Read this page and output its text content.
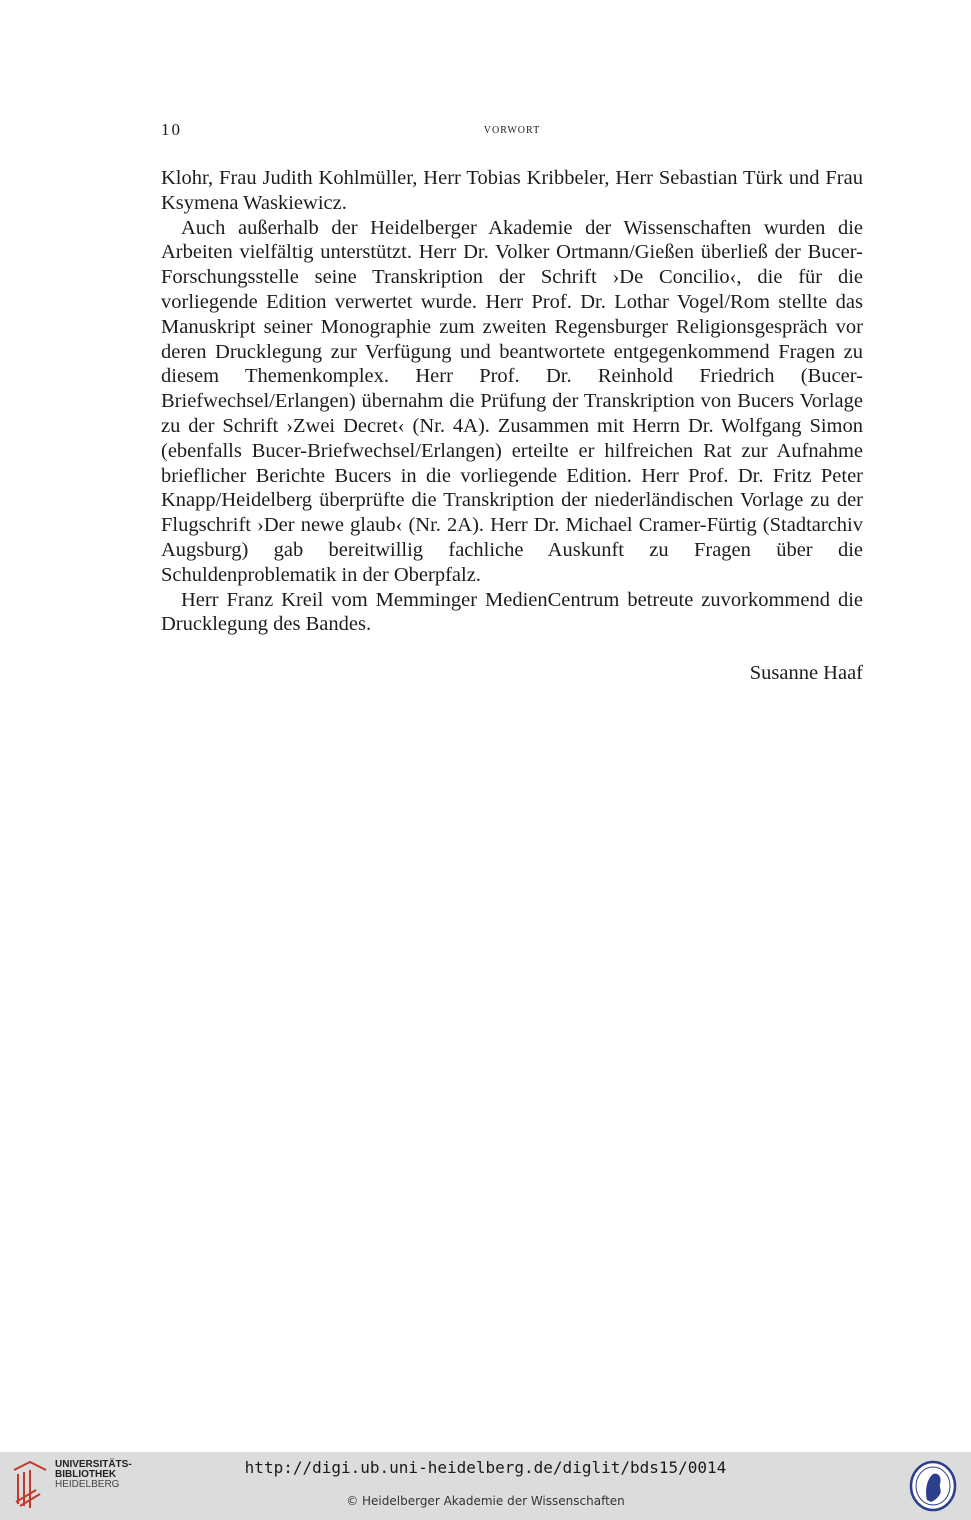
10	vorwort

Klohr, Frau Judith Kohlmüller, Herr Tobias Kribbeler, Herr Sebastian Türk und Frau Ksymena Waskiewicz.

Auch außerhalb der Heidelberger Akademie der Wissenschaften wurden die Arbeiten vielfältig unterstützt. Herr Dr. Volker Ortmann/Gießen überließ der Bucer-Forschungsstelle seine Transkription der Schrift ›De Concilio‹, die für die vorliegende Edition verwertet wurde. Herr Prof. Dr. Lothar Vogel/Rom stellte das Manuskript seiner Monographie zum zweiten Regensburger Religionsgespräch vor deren Drucklegung zur Verfügung und beantwortete entgegenkommend Fragen zu diesem Themenkomplex. Herr Prof. Dr. Reinhold Friedrich (Bucer-Briefwechsel/Erlangen) übernahm die Prüfung der Transkription von Bucers Vorlage zu der Schrift ›Zwei Decret‹ (Nr. 4A). Zusammen mit Herrn Dr. Wolfgang Simon (ebenfalls Bucer-Briefwechsel/Erlangen) erteilte er hilfreichen Rat zur Aufnahme brieflicher Berichte Bucers in die vorliegende Edition. Herr Prof. Dr. Fritz Peter Knapp/Heidelberg überprüfte die Transkription der niederländischen Vorlage zu der Flugschrift ›Der newe glaub‹ (Nr. 2A). Herr Dr. Michael Cramer-Fürtig (Stadtarchiv Augsburg) gab bereitwillig fachliche Auskunft zu Fragen über die Schuldenproblematik in der Oberpfalz.

Herr Franz Kreil vom Memminger MedienCentrum betreute zuvorkommend die Drucklegung des Bandes.

Susanne Haaf
UNIVERSITÄTS-
BIBLIOTHEK
HEIDELBERG
http://digi.ub.uni-heidelberg.de/diglit/bds15/0014
© Heidelberger Akademie der Wissenschaften
